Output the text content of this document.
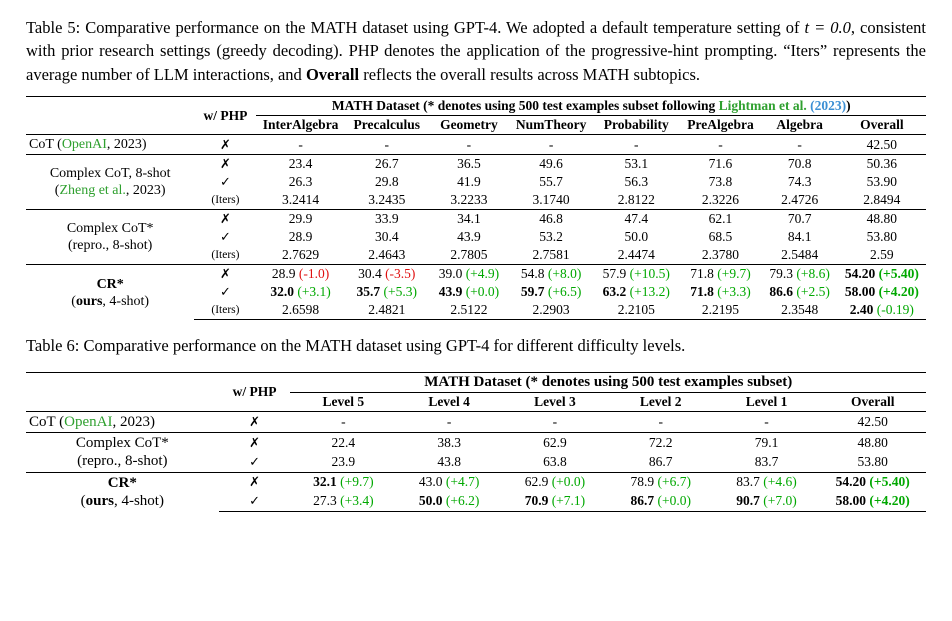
Table 5: Comparative performance on the MATH dataset using GPT-4. We adopted a default temperature setting of t = 0.0, consistent with prior research settings (greedy decoding). PHP denotes the application of the progressive-hint prompting. “Iters” represents the average number of LLM interactions, and Overall reflects the overall results across MATH subtopics.
	w/ PHP	MATH Dataset (* denotes using 500 test examples subset following Lightman et al. (2023))							
		InterAlgebra	Precalculus	Geometry	NumTheory	Probability	PreAlgebra	Algebra	Overall
CoT (OpenAI, 2023)	✗	-	-	-	-	-	-	-	42.50

Complex CoT, 8-shot
(Zheng et al., 2023)	✗	23.4	26.7	36.5	49.6	53.1	71.6	70.8	50.36
	✓	26.3	29.8	41.9	55.7	56.3	73.8	74.3	53.90
	(Iters)	3.2414	3.2435	3.2233	3.1740	2.8122	2.3226	2.4726	2.8494

Complex CoT*
(repro., 8-shot)	✗	29.9	33.9	34.1	46.8	47.4	62.1	70.7	48.80
	✓	28.9	30.4	43.9	53.2	50.0	68.5	84.1	53.80
	(Iters)	2.7629	2.4643	2.7805	2.7581	2.4474	2.3780	2.5484	2.59

CR*
(ours, 4-shot)	✗	28.9 (-1.0)	30.4 (-3.5)	39.0 (+4.9)	54.8 (+8.0)	57.9 (+10.5)	71.8 (+9.7)	79.3 (+8.6)	54.20 (+5.40)
	✓	32.0 (+3.1)	35.7 (+5.3)	43.9 (+0.0)	59.7 (+6.5)	63.2 (+13.2)	71.8 (+3.3)	86.6 (+2.5)	58.00 (+4.20)
	(Iters)	2.6598	2.4821	2.5122	2.2903	2.2105	2.2195	2.3548	2.40 (-0.19)
Table 6: Comparative performance on the MATH dataset using GPT-4 for different difficulty levels.
	w/ PHP	MATH Dataset (* denotes using 500 test examples subset)					
		Level 5	Level 4	Level 3	Level 2	Level 1	Overall
CoT (OpenAI, 2023)	✗	-	-	-	-	-	42.50

Complex CoT*
(repro., 8-shot)	✗	22.4	38.3	62.9	72.2	79.1	48.80
	✓	23.9	43.8	63.8	86.7	83.7	53.80

CR*
(ours, 4-shot)	✗	32.1 (+9.7)	43.0 (+4.7)	62.9 (+0.0)	78.9 (+6.7)	83.7 (+4.6)	54.20 (+5.40)
	✓	27.3 (+3.4)	50.0 (+6.2)	70.9 (+7.1)	86.7 (+0.0)	90.7 (+7.0)	58.00 (+4.20)
